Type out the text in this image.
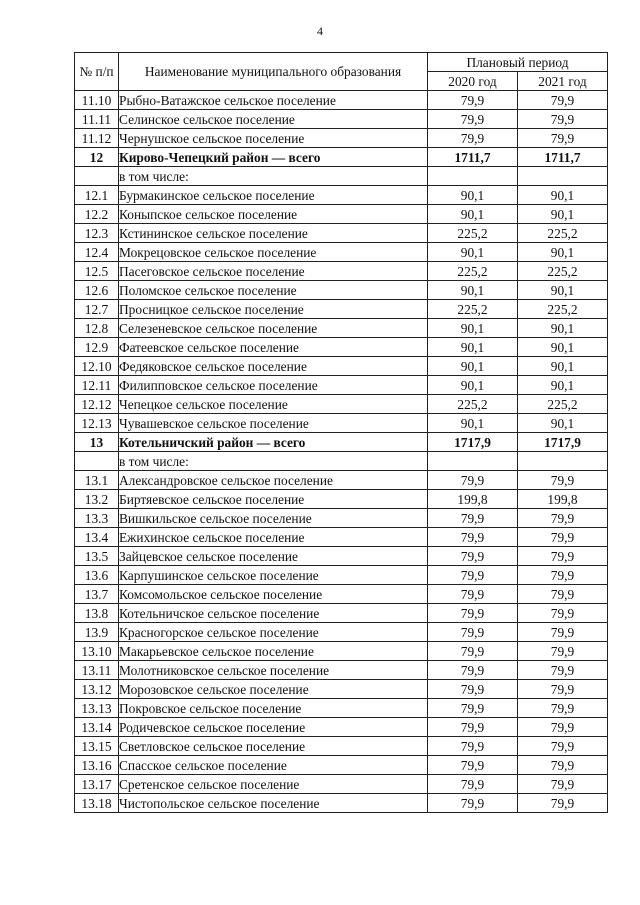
4
№ п/п	Наименование муниципального образования	Плановый период	
		2020 год	2021 год
11.10	Рыбно-Ватажское сельское поселение	79,9	79,9
11.11	Селинское сельское поселение	79,9	79,9
11.12	Чернушское сельское поселение	79,9	79,9
12	Кирово-Чепецкий район — всего	1711,7	1711,7
	в том числе:		
12.1	Бурмакинское сельское поселение	90,1	90,1
12.2	Коныпское сельское поселение	90,1	90,1
12.3	Кстининское сельское поселение	225,2	225,2
12.4	Мокрецовское сельское поселение	90,1	90,1
12.5	Пасеговское сельское поселение	225,2	225,2
12.6	Поломское сельское поселение	90,1	90,1
12.7	Просницкое сельское поселение	225,2	225,2
12.8	Селезеневское сельское поселение	90,1	90,1
12.9	Фатеевское сельское поселение	90,1	90,1
12.10	Федяковское сельское поселение	90,1	90,1
12.11	Филипповское сельское поселение	90,1	90,1
12.12	Чепецкое сельское поселение	225,2	225,2
12.13	Чувашевское сельское поселение	90,1	90,1
13	Котельничский район — всего	1717,9	1717,9
	в том числе:		
13.1	Александровское сельское поселение	79,9	79,9
13.2	Биртяевское сельское поселение	199,8	199,8
13.3	Вишкильское сельское поселение	79,9	79,9
13.4	Ежихинское сельское поселение	79,9	79,9
13.5	Зайцевское сельское поселение	79,9	79,9
13.6	Карпушинское сельское поселение	79,9	79,9
13.7	Комсомольское сельское поселение	79,9	79,9
13.8	Котельничское сельское поселение	79,9	79,9
13.9	Красногорское сельское поселение	79,9	79,9
13.10	Макарьевское сельское поселение	79,9	79,9
13.11	Молотниковское сельское поселение	79,9	79,9
13.12	Морозовское сельское поселение	79,9	79,9
13.13	Покровское сельское поселение	79,9	79,9
13.14	Родичевское сельское поселение	79,9	79,9
13.15	Светловское сельское поселение	79,9	79,9
13.16	Спасское сельское поселение	79,9	79,9
13.17	Сретенское сельское поселение	79,9	79,9
13.18	Чистопольское сельское поселение	79,9	79,9
